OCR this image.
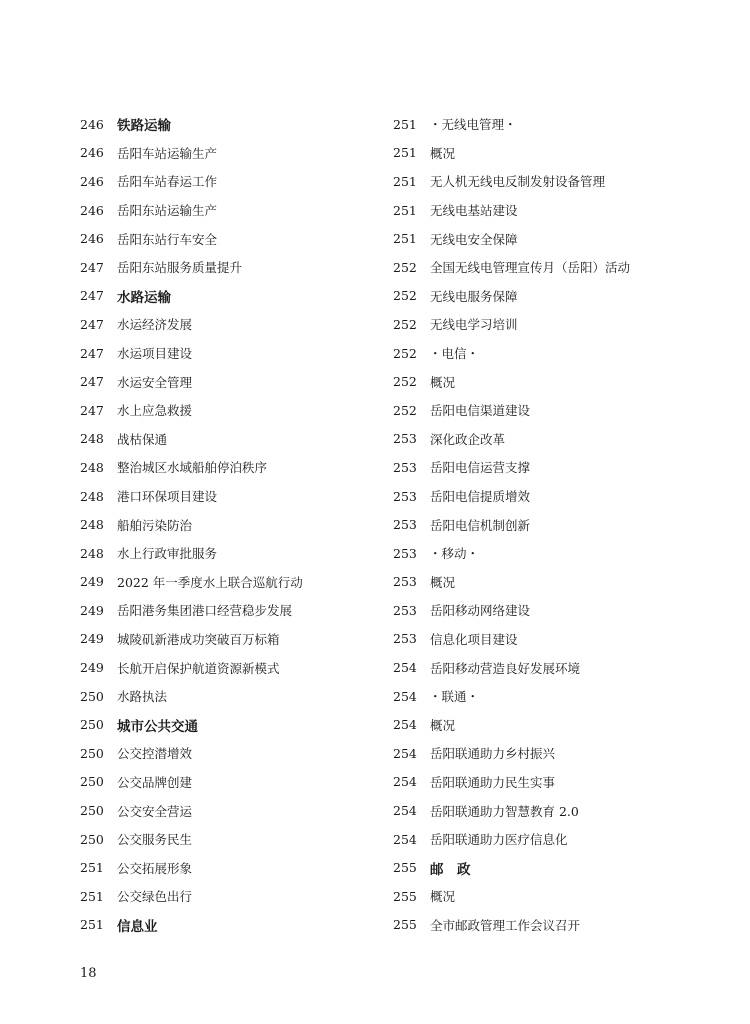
246 铁路运输
246	岳阳车站运输生产
246	岳阳车站春运工作
246	岳阳东站运输生产
246	岳阳东站行车安全
247	岳阳东站服务质量提升
247 水路运输
247	水运经济发展
247	水运项目建设
247	水运安全管理
247	水上应急救援
248	战枯保通
248	整治城区水域船舶停泊秩序
248	港口环保项目建设
248	船舶污染防治
248	水上行政审批服务
249	2022 年一季度水上联合巡航行动
249	岳阳港务集团港口经营稳步发展
249	城陵矶新港成功突破百万标箱
249	长航开启保护航道资源新模式
250	水路执法
250 城市公共交通
250	公交控潜增效
250	公交品牌创建
250	公交安全营运
250	公交服务民生
251	公交拓展形象
251	公交绿色出行
251 信息业
251 ・无线电管理・
251	概况
251	无人机无线电反制发射设备管理
251	无线电基站建设
251	无线电安全保障
252	全国无线电管理宣传月（岳阳）活动
252	无线电服务保障
252	无线电学习培训
252 ・电信・
252	概况
252	岳阳电信渠道建设
253	深化政企改革
253	岳阳电信运营支撑
253	岳阳电信提质增效
253	岳阳电信机制创新
253 ・移动・
253	概况
253	岳阳移动网络建设
253	信息化项目建设
254	岳阳移动营造良好发展环境
254 ・联通・
254	概况
254	岳阳联通助力乡村振兴
254	岳阳联通助力民生实事
254	岳阳联通助力智慧教育 2.0
254	岳阳联通助力医疗信息化
255 邮　政
255	概况
255	全市邮政管理工作会议召开
18
